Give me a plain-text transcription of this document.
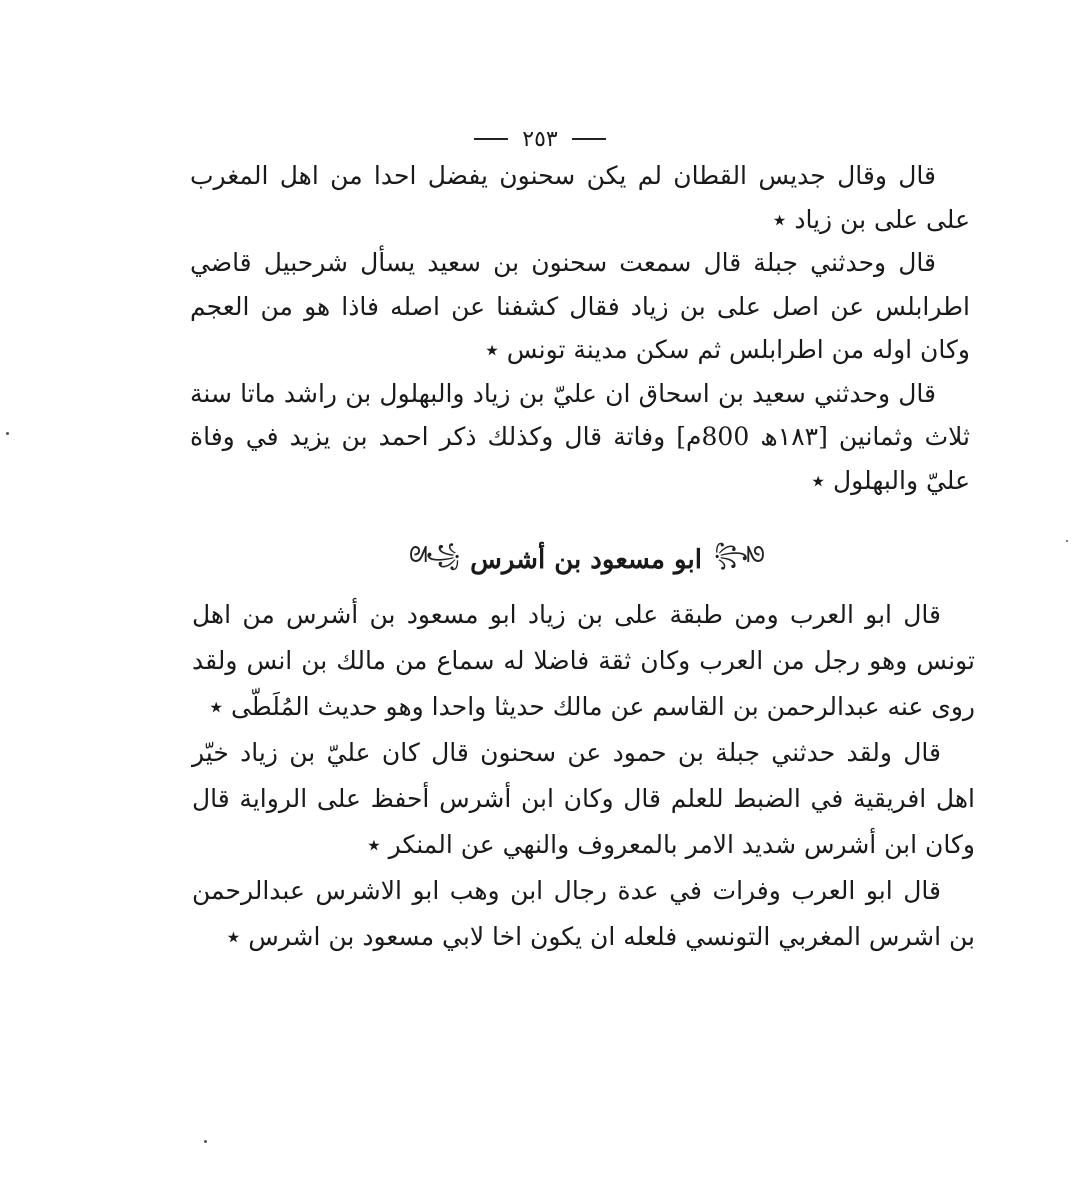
٢٥٣

قال وقال جديس القطان لم يكن سحنون يفضل احدا من اهل المغرب على على بن زياد ٭

قال وحدثني جبلة قال سمعت سحنون بن سعيد يسأل شرحبيل قاضي اطرابلس عن اصل على بن زياد فقال كشفنا عن اصله فاذا هو من العجم وكان اوله من اطرابلس ثم سكن مدينة تونس ٭

قال وحدثني سعيد بن اسحاق ان عليّ بن زياد والبهلول بن راشد ماتا سنة ثلاث وثمانين [١٨٣ھ 800م] وفاتة قال وكذلك ذكر احمد بن يزيد في وفاة عليّ والبهلول ٭

꧂ᘚ
ابو مسعود بن أشرس
ᘛ꧁

قال ابو العرب ومن طبقة على بن زياد ابو مسعود بن أشرس من اهل تونس وهو رجل من العرب وكان ثقة فاضلا له سماع من مالك بن انس ولقد روى عنه عبدالرحمن بن القاسم عن مالك حديثا واحدا وهو حديث المُلَطّى ٭

قال ولقد حدثني جبلة بن حمود عن سحنون قال كان عليّ بن زياد خيّر اهل افريقية في الضبط للعلم قال وكان ابن أشرس أحفظ على الرواية قال وكان ابن أشرس شديد الامر بالمعروف والنهي عن المنكر ٭

قال ابو العرب وفرات في عدة رجال ابن وهب ابو الاشرس عبدالرحمن بن اشرس المغربي التونسي فلعله ان يكون اخا لابي مسعود بن اشرس ٭
